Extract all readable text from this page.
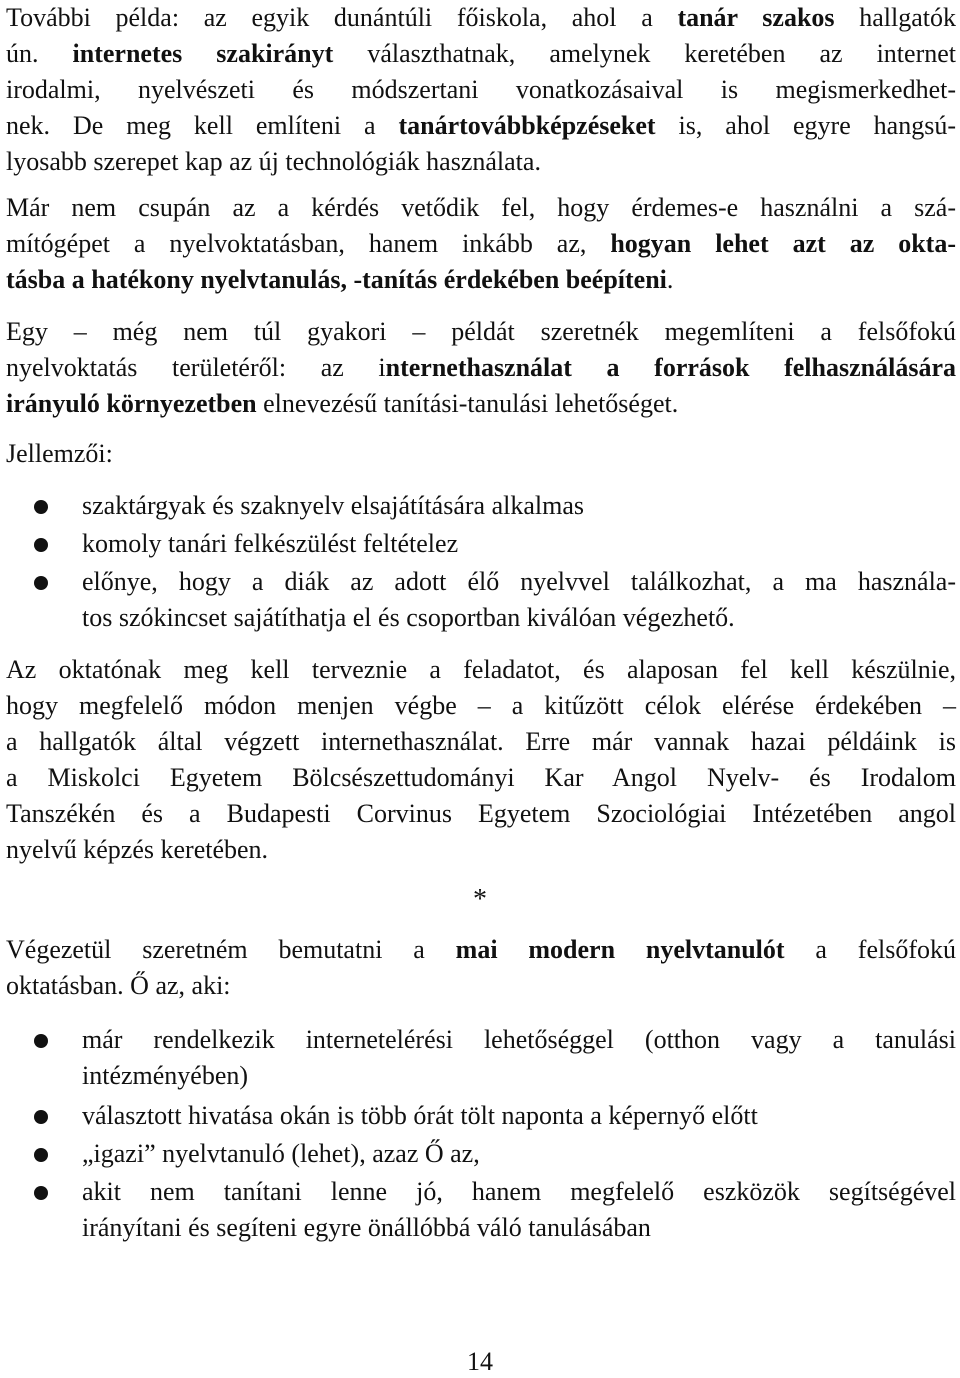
További példa: az egyik dunántúli főiskola, ahol a tanár szakos hallgatók
ún. internetes szakirányt választhatnak, amelynek keretében az internet
irodalmi, nyelvészeti és módszertani vonatkozásaival is megismerkedhet-
nek. De meg kell említeni a tanártovábbképzéseket is, ahol egyre hangsú-
lyosabb szerepet kap az új technológiák használata.
Már nem csupán az a kérdés vetődik fel, hogy érdemes-e használni a szá-
mítógépet a nyelvoktatásban, hanem inkább az, hogyan lehet azt az okta-
tásba a hatékony nyelvtanulás, -tanítás érdekében beépíteni.
Egy – még nem túl gyakori – példát szeretnék megemlíteni a felsőfokú
nyelvoktatás területéről: az internethasználat a források felhasználására
irányuló környezetben elnevezésű tanítási-tanulási lehetőséget.
Jellemzői:
szaktárgyak és szaknyelv elsajátítására alkalmas
komoly tanári felkészülést feltételez
előnye, hogy a diák az adott élő nyelvvel találkozhat, a ma használa-
tos szókincset sajátíthatja el és csoportban kiválóan végezhető.
Az oktatónak meg kell terveznie a feladatot, és alaposan fel kell készülnie,
hogy megfelelő módon menjen végbe – a kitűzött célok elérése érdekében –
a hallgatók által végzett internethasználat. Erre már vannak hazai példáink is
a Miskolci Egyetem Bölcsészettudományi Kar Angol Nyelv- és Irodalom
Tanszékén és a Budapesti Corvinus Egyetem Szociológiai Intézetében angol
nyelvű képzés keretében.
*
Végezetül szeretném bemutatni a mai modern nyelvtanulót a felsőfokú
oktatásban. Ő az, aki:
már rendelkezik internetelérési lehetőséggel (otthon vagy a tanulási
intézményében)
választott hivatása okán is több órát tölt naponta a képernyő előtt
„igazi” nyelvtanuló (lehet), azaz Ő az,
akit nem tanítani lenne jó, hanem megfelelő eszközök segítségével
irányítani és segíteni egyre önállóbbá váló tanulásában
14
